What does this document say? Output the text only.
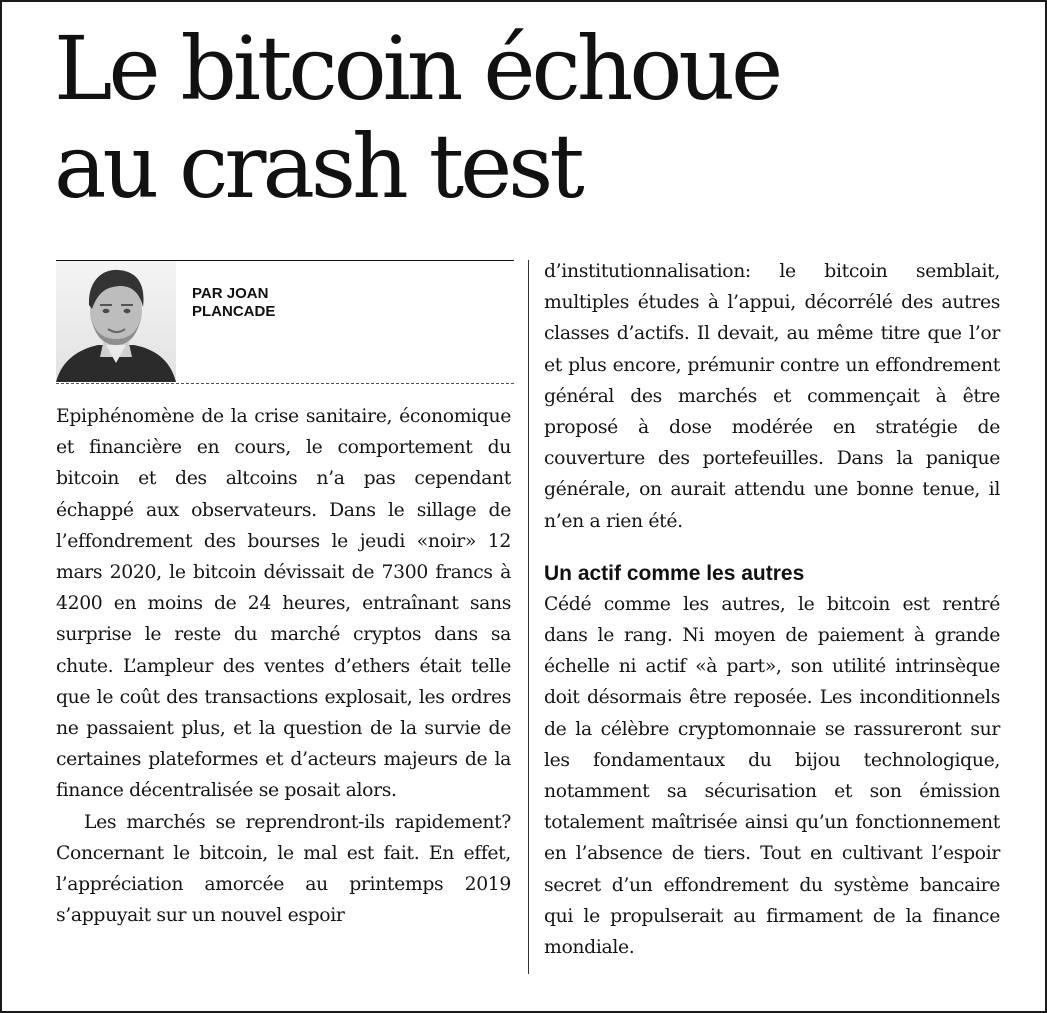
Le bitcoin échoue
au crash test
PAR JOAN
PLANCADE

Epiphénomène de la crise sanitaire, économique et financière en cours, le comportement du bitcoin et des altcoins n’a pas cependant échappé aux observateurs. Dans le sillage de l’effondrement des bourses le jeudi «noir» 12 mars 2020, le bitcoin dévissait de 7300 francs à 4200 en moins de 24 heures, entraînant sans surprise le reste du marché cryptos dans sa chute. L’ampleur des ventes d’ethers était telle que le coût des transactions explosait, les ordres ne passaient plus, et la question de la survie de certaines plateformes et d’acteurs majeurs de la finance décentralisée se posait alors.

Les marchés se reprendront-ils rapidement? Concernant le bitcoin, le mal est fait. En effet, l’appréciation amorcée au printemps 2019 s’appuyait sur un nouvel espoir

d’institutionnalisation: le bitcoin semblait, multiples études à l’appui, décorrélé des autres classes d’actifs. Il devait, au même titre que l’or et plus encore, prémunir contre un effondrement général des marchés et commençait à être proposé à dose modérée en stratégie de couverture des portefeuilles. Dans la panique générale, on aurait attendu une bonne tenue, il n’en a rien été.

Un actif comme les autres

Cédé comme les autres, le bitcoin est rentré dans le rang. Ni moyen de paiement à grande échelle ni actif «à part», son utilité intrinsèque doit désormais être reposée. Les inconditionnels de la célèbre cryptomonnaie se rassureront sur les fondamentaux du bijou technologique, notamment sa sécurisation et son émission totalement maîtrisée ainsi qu’un fonctionnement en l’absence de tiers. Tout en cultivant l’espoir secret d’un effondrement du système bancaire qui le propulserait au firmament de la finance mondiale.
